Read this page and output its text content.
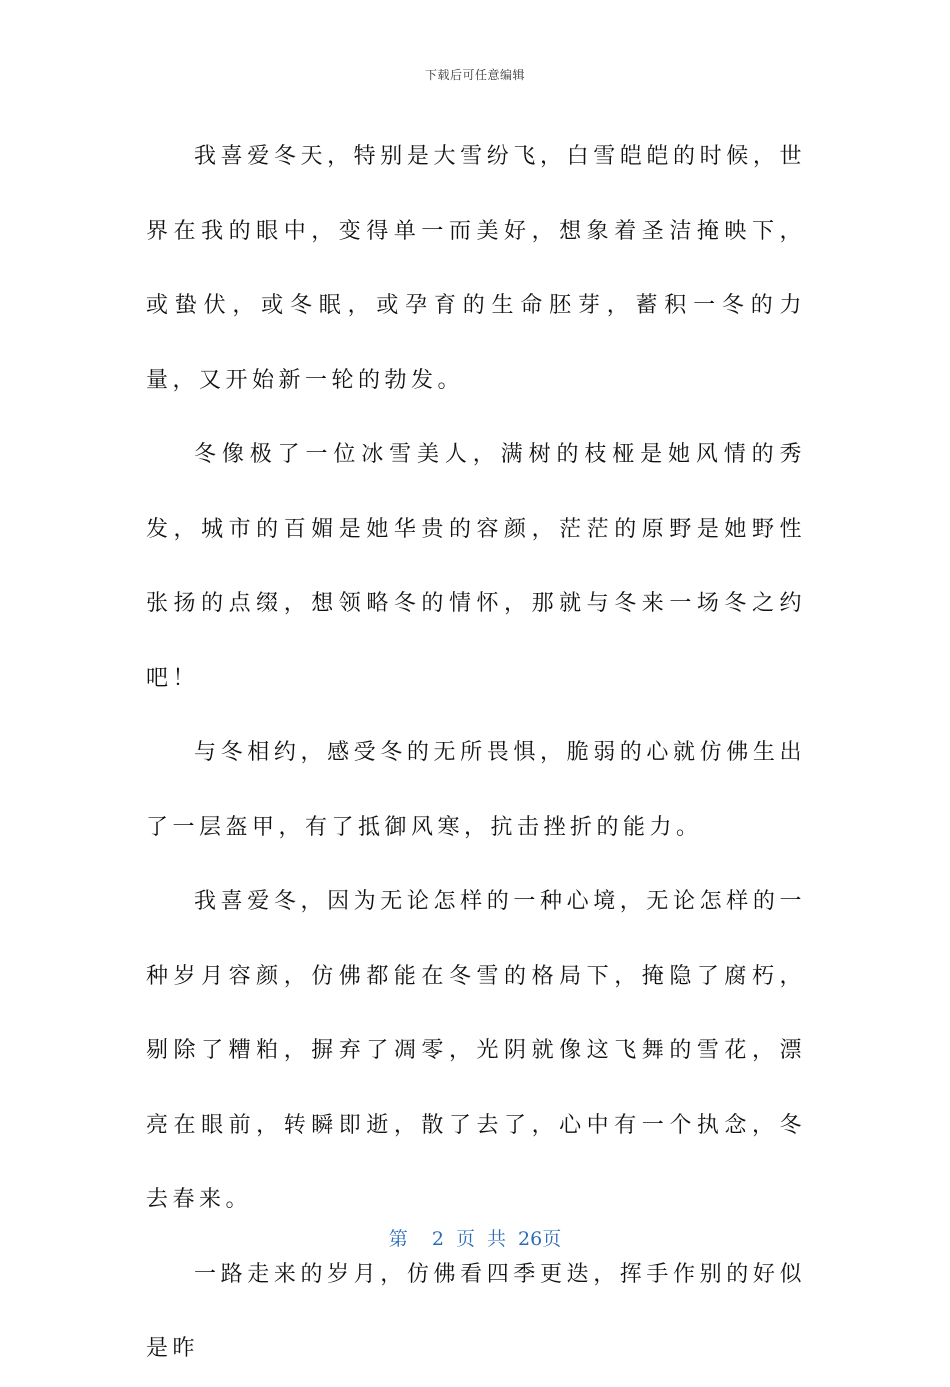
下载后可任意编辑

我喜爱冬天，特别是大雪纷飞，白雪皑皑的时候，世界在我的眼中，变得单一而美好，想象着圣洁掩映下，或蛰伏，或冬眠，或孕育的生命胚芽，蓄积一冬的力量，又开始新一轮的勃发。

冬像极了一位冰雪美人，满树的枝桠是她风情的秀发，城市的百媚是她华贵的容颜，茫茫的原野是她野性张扬的点缀，想领略冬的情怀，那就与冬来一场冬之约吧！

与冬相约，感受冬的无所畏惧，脆弱的心就仿佛生出了一层盔甲，有了抵御风寒，抗击挫折的能力。

我喜爱冬，因为无论怎样的一种心境，无论怎样的一种岁月容颜，仿佛都能在冬雪的格局下，掩隐了腐朽，剔除了糟粕，摒弃了凋零，光阴就像这飞舞的雪花，漂亮在眼前，转瞬即逝，散了去了，心中有一个执念，冬去春来。

一路走来的岁月，仿佛看四季更迭，挥手作别的好似是昨

第  2 页 共 26页
